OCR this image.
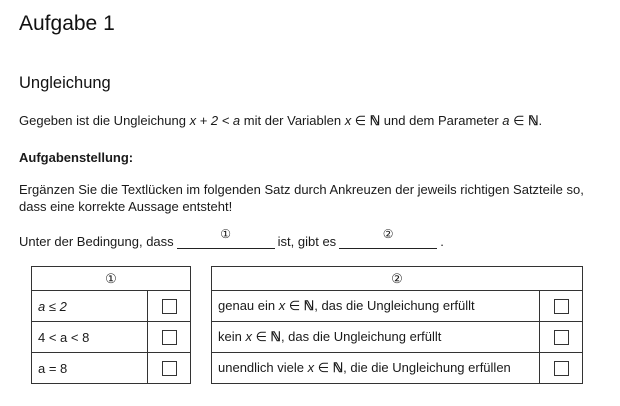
Aufgabe 1
Ungleichung
Gegeben ist die Ungleichung x + 2 < a mit der Variablen x ∈ ℕ und dem Parameter a ∈ ℕ.
Aufgabenstellung:
Ergänzen Sie die Textlücken im folgenden Satz durch Ankreuzen der jeweils richtigen Satzteile so,
dass eine korrekte Aussage entsteht!
Unter der Bedingung, dass	①	ist, gibt es	②	.
①	
a ≤ 2	
4 < a < 8	
a = 8	
②	
genau ein x ∈ ℕ, das die Ungleichung erfüllt	
kein x ∈ ℕ, das die Ungleichung erfüllt	
unendlich viele x ∈ ℕ, die die Ungleichung erfüllen	
